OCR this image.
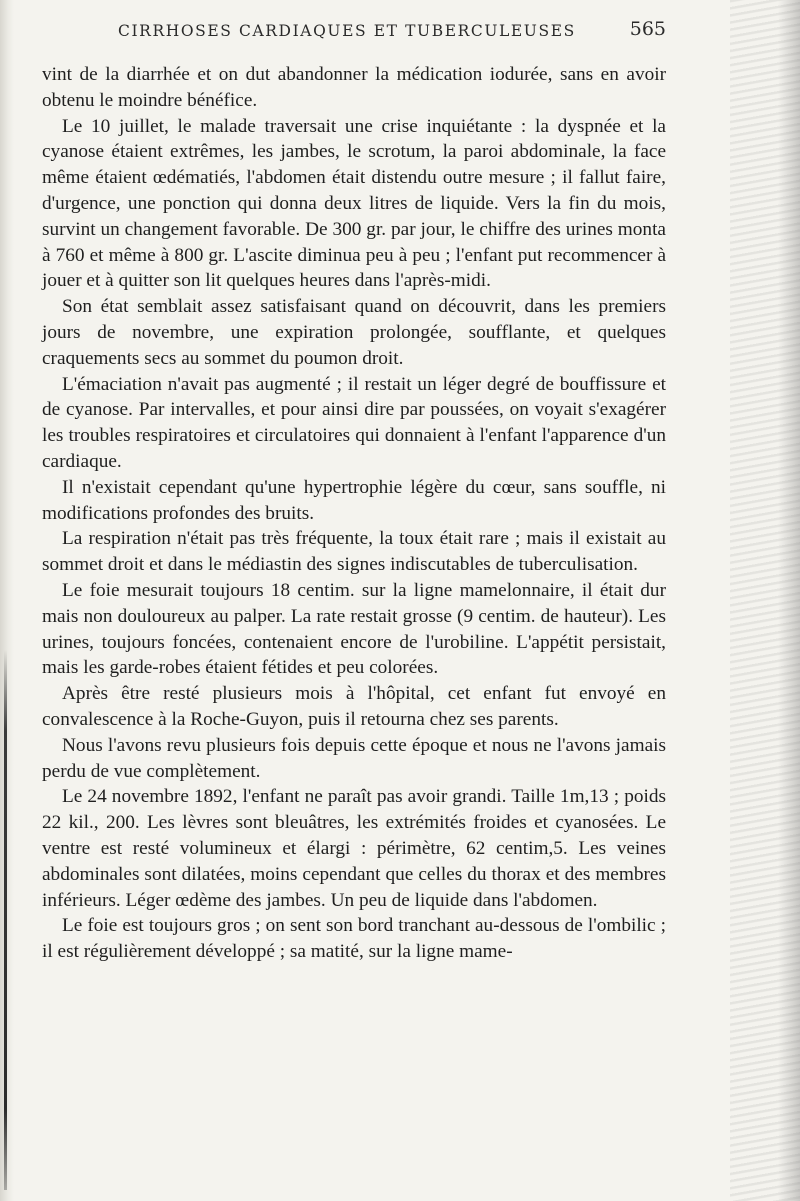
CIRRHOSES CARDIAQUES ET TUBERCULEUSES	565

vint de la diarrhée et on dut abandonner la médication iodurée, sans en avoir obtenu le moindre bénéfice.

Le 10 juillet, le malade traversait une crise inquiétante : la dyspnée et la cyanose étaient extrêmes, les jambes, le scrotum, la paroi abdominale, la face même étaient œdématiés, l'abdomen était distendu outre mesure ; il fallut faire, d'urgence, une ponction qui donna deux litres de liquide. Vers la fin du mois, survint un changement favorable. De 300 gr. par jour, le chiffre des urines monta à 760 et même à 800 gr. L'ascite diminua peu à peu ; l'enfant put recommencer à jouer et à quitter son lit quelques heures dans l'après-midi.

Son état semblait assez satisfaisant quand on découvrit, dans les premiers jours de novembre, une expiration prolongée, soufflante, et quelques craquements secs au sommet du poumon droit.

L'émaciation n'avait pas augmenté ; il restait un léger degré de bouffissure et de cyanose. Par intervalles, et pour ainsi dire par poussées, on voyait s'exagérer les troubles respiratoires et circulatoires qui donnaient à l'enfant l'apparence d'un cardiaque.

Il n'existait cependant qu'une hypertrophie légère du cœur, sans souffle, ni modifications profondes des bruits.

La respiration n'était pas très fréquente, la toux était rare ; mais il existait au sommet droit et dans le médiastin des signes indiscutables de tuberculisation.

Le foie mesurait toujours 18 centim. sur la ligne mamelonnaire, il était dur mais non douloureux au palper. La rate restait grosse (9 centim. de hauteur). Les urines, toujours foncées, contenaient encore de l'urobiline. L'appétit persistait, mais les garde-robes étaient fétides et peu colorées.

Après être resté plusieurs mois à l'hôpital, cet enfant fut envoyé en convalescence à la Roche-Guyon, puis il retourna chez ses parents.

Nous l'avons revu plusieurs fois depuis cette époque et nous ne l'avons jamais perdu de vue complètement.

Le 24 novembre 1892, l'enfant ne paraît pas avoir grandi. Taille 1m,13 ; poids 22 kil., 200. Les lèvres sont bleuâtres, les extrémités froides et cyanosées. Le ventre est resté volumineux et élargi : périmètre, 62 centim,5. Les veines abdominales sont dilatées, moins cependant que celles du thorax et des membres inférieurs. Léger œdème des jambes. Un peu de liquide dans l'abdomen.

Le foie est toujours gros ; on sent son bord tranchant au-dessous de l'ombilic ; il est régulièrement développé ; sa matité, sur la ligne mame-
